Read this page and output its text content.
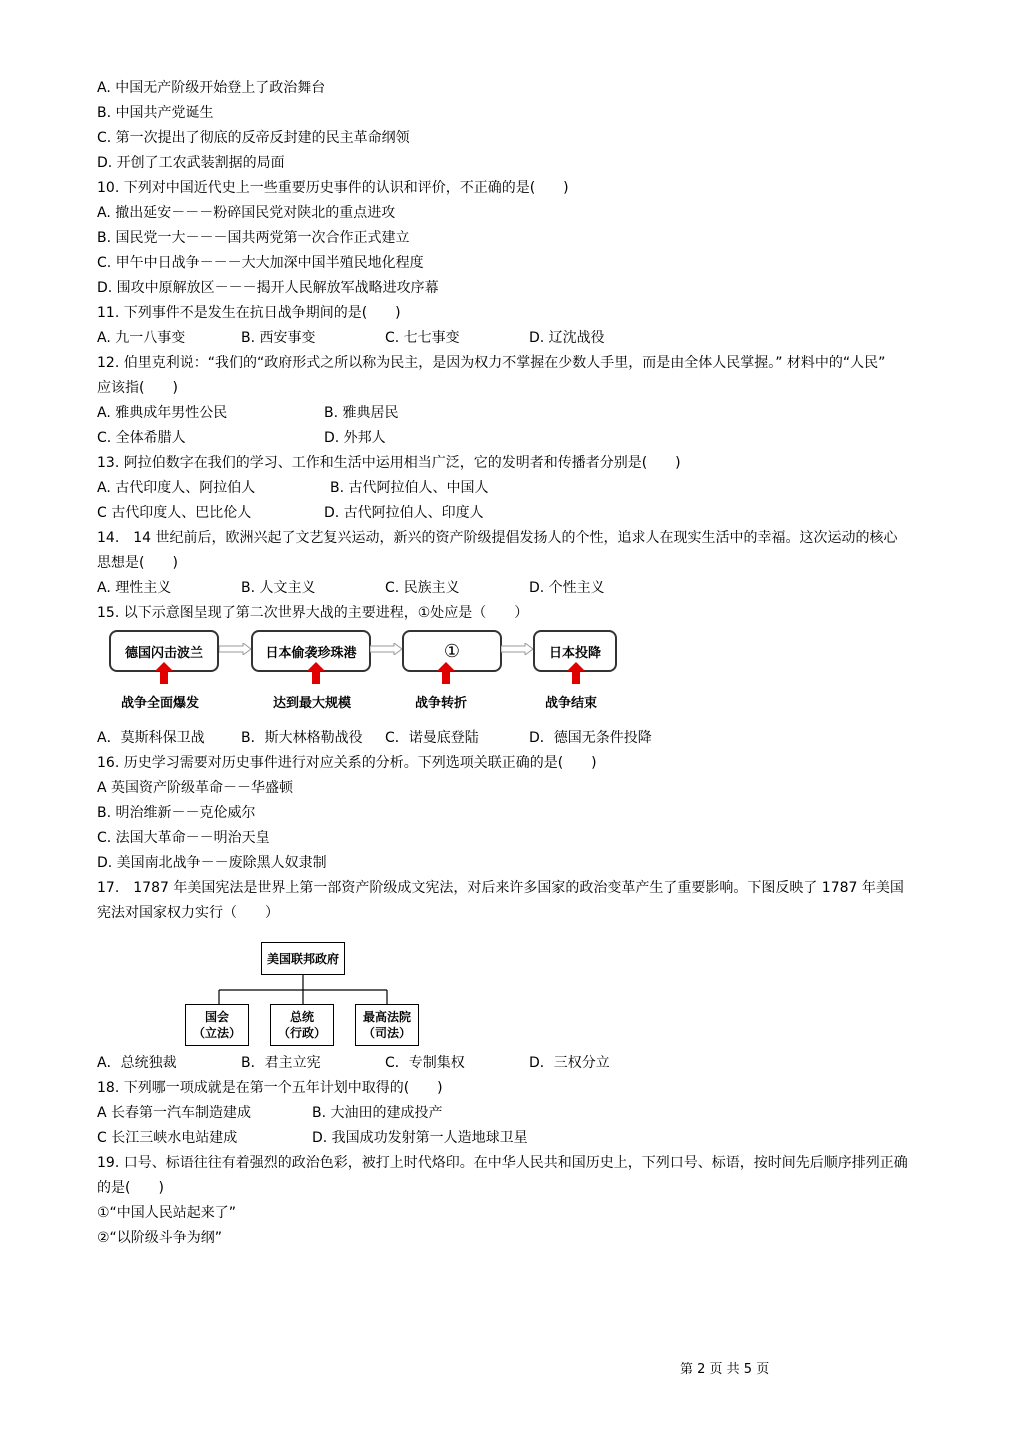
A. 中国无产阶级开始登上了政治舞台
B. 中国共产党诞生
C. 第一次提出了彻底的反帝反封建的民主革命纲领
D. 开创了工农武装割据的局面
10. 下列对中国近代史上一些重要历史事件的认识和评价，不正确的是(　　)
A. 撤出延安－－－粉碎国民党对陕北的重点进攻
B. 国民党一大－－－国共两党第一次合作正式建立
C. 甲午中日战争－－－大大加深中国半殖民地化程度
D. 围攻中原解放区－－－揭开人民解放军战略进攻序幕
11. 下列事件不是发生在抗日战争期间的是(　　)
A. 九一八事变	B. 西安事变	C. 七七事变	D. 辽沈战役
12. 伯里克利说：“我们的“政府形式之所以称为民主，是因为权力不掌握在少数人手里，而是由全体人民掌握。” 材料中的“人民”
应该指(　　)
A. 雅典成年男性公民	B. 雅典居民
C. 全体希腊人	D. 外邦人
13. 阿拉伯数字在我们的学习、工作和生活中运用相当广泛，它的发明者和传播者分别是(　　)
A. 古代印度人、阿拉伯人	B. 古代阿拉伯人、中国人
C 古代印度人、巴比伦人	D. 古代阿拉伯人、印度人
14.　14 世纪前后，欧洲兴起了文艺复兴运动，新兴的资产阶级提倡发扬人的个性，追求人在现实生活中的幸福。这次运动的核心
思想是(　　)
A. 理性主义	B. 人文主义	C. 民族主义	D. 个性主义
15. 以下示意图呈现了第二次世界大战的主要进程，①处应是（　　）
德国闪击波兰	日本偷袭珍珠港	①	日本投降
战争全面爆发	达到最大规模	战争转折	战争结束
A．莫斯科保卫战	B．斯大林格勒战役 C．诺曼底登陆	D．德国无条件投降
16. 历史学习需要对历史事件进行对应关系的分析。下列选项关联正确的是(　　)
A 英国资产阶级革命－－华盛顿
B. 明治维新－－克伦威尔
C. 法国大革命－－明治天皇
D. 美国南北战争－－废除黑人奴隶制
17.　1787 年美国宪法是世界上第一部资产阶级成文宪法，对后来许多国家的政治变革产生了重要影响。下图反映了 1787 年美国
宪法对国家权力实行（　　）
美国联邦政府
国会
（立法）
总统
（行政）
最高法院
（司法）
A．总统独裁	B．君主立宪	C．专制集权	D．三权分立
18. 下列哪一项成就是在第一个五年计划中取得的(　　)
A 长春第一汽车制造建成	B. 大油田的建成投产
C 长江三峡水电站建成	D. 我国成功发射第一人造地球卫星
19. 口号、标语往往有着强烈的政治色彩，被打上时代烙印。在中华人民共和国历史上，下列口号、标语，按时间先后顺序排列正确
的是(　　)
①“中国人民站起来了”
②“以阶级斗争为纲”
第 2 页 共 5 页
